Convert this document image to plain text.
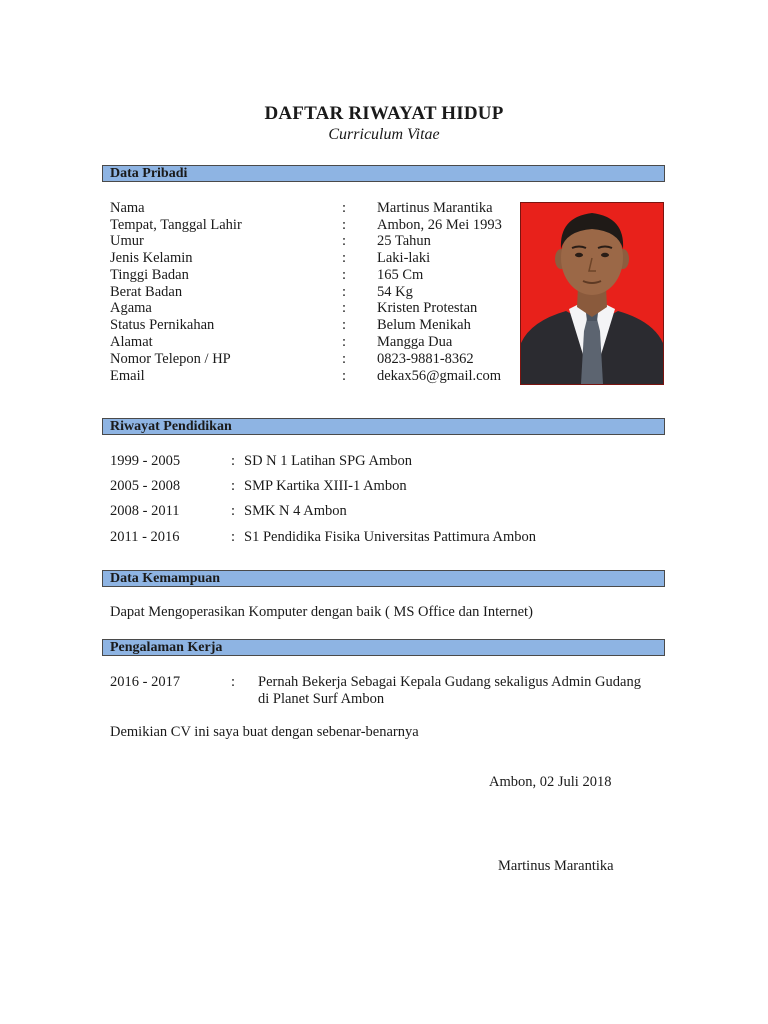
DAFTAR RIWAYAT HIDUP
Curriculum Vitae
Data Pribadi
Nama	: Martinus Marantika
Tempat, Tanggal Lahir	: Ambon, 26 Mei 1993
Umur	: 25 Tahun
Jenis Kelamin	: Laki-laki
Tinggi Badan	: 165 Cm
Berat Badan	: 54 Kg
Agama	: Kristen Protestan
Status Pernikahan	: Belum Menikah
Alamat	: Mangga Dua
Nomor Telepon / HP	: 0823-9881-8362
Email	: dekax56@gmail.com
Riwayat Pendidikan
1999 - 2005	: SD N 1 Latihan SPG Ambon
2005 - 2008	: SMP Kartika XIII-1 Ambon
2008 - 2011	: SMK N 4 Ambon
2011 - 2016	: S1 Pendidika Fisika Universitas Pattimura Ambon
Data Kemampuan
Dapat Mengoperasikan Komputer dengan baik ( MS Office dan Internet)
Pengalaman Kerja
2016 - 2017	: Pernah Bekerja Sebagai Kepala Gudang sekaligus Admin Gudang
di Planet Surf Ambon
Demikian CV ini saya buat dengan sebenar-benarnya
Ambon, 02 Juli 2018
Martinus Marantika
